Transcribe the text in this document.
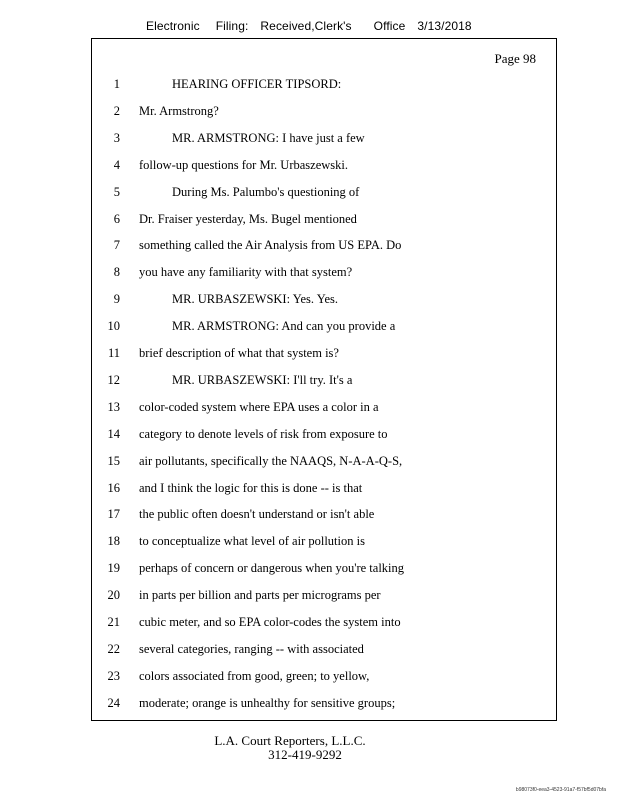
Electronic Filing: Received,Clerk's Office 3/13/2018
Page 98
1	HEARING OFFICER TIPSORD:
2 Mr. Armstrong?
3	MR. ARMSTRONG: I have just a few
4 follow-up questions for Mr. Urbaszewski.
5	During Ms. Palumbo's questioning of
6 Dr. Fraiser yesterday, Ms. Bugel mentioned
7 something called the Air Analysis from US EPA. Do
8 you have any familiarity with that system?
9	MR. URBASZEWSKI: Yes. Yes.
10	MR. ARMSTRONG: And can you provide a
11 brief description of what that system is?
12	MR. URBASZEWSKI: I'll try. It's a
13 color-coded system where EPA uses a color in a
14 category to denote levels of risk from exposure to
15 air pollutants, specifically the NAAQS, N-A-A-Q-S,
16 and I think the logic for this is done -- is that
17 the public often doesn't understand or isn't able
18 to conceptualize what level of air pollution is
19 perhaps of concern or dangerous when you're talking
20 in parts per billion and parts per micrograms per
21 cubic meter, and so EPA color-codes the system into
22 several categories, ranging -- with associated
23 colors associated from good, green; to yellow,
24 moderate; orange is unhealthy for sensitive groups;
L.A. Court Reporters, L.L.C.
312-419-9292
b98073f0-eea3-4523-91a7-f57bf5d07bfa
